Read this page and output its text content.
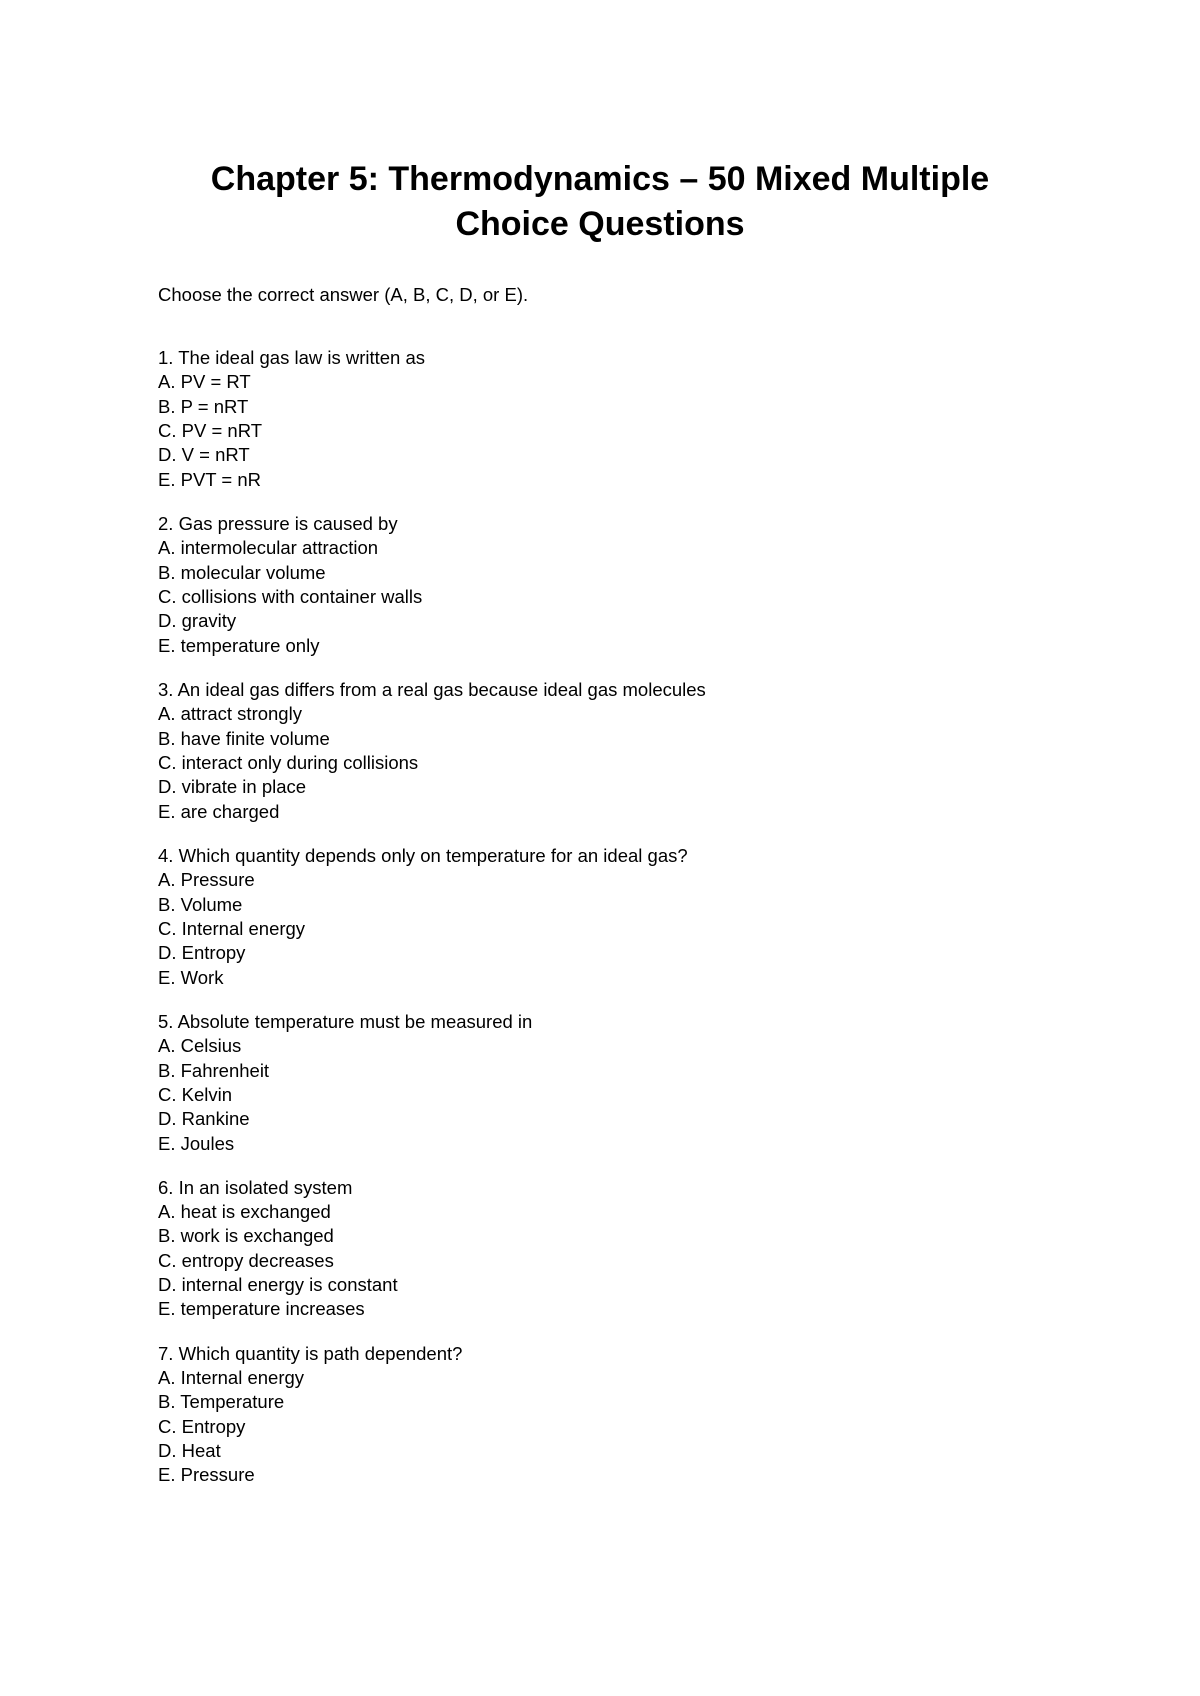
Chapter 5: Thermodynamics – 50 Mixed Multiple
Choice Questions

Choose the correct answer (A, B, C, D, or E).

1. The ideal gas law is written as
A. PV = RT
B. P = nRT
C. PV = nRT
D. V = nRT
E. PVT = nR
2. Gas pressure is caused by
A. intermolecular attraction
B. molecular volume
C. collisions with container walls
D. gravity
E. temperature only
3. An ideal gas differs from a real gas because ideal gas molecules
A. attract strongly
B. have finite volume
C. interact only during collisions
D. vibrate in place
E. are charged
4. Which quantity depends only on temperature for an ideal gas?
A. Pressure
B. Volume
C. Internal energy
D. Entropy
E. Work
5. Absolute temperature must be measured in
A. Celsius
B. Fahrenheit
C. Kelvin
D. Rankine
E. Joules
6. In an isolated system
A. heat is exchanged
B. work is exchanged
C. entropy decreases
D. internal energy is constant
E. temperature increases
7. Which quantity is path dependent?
A. Internal energy
B. Temperature
C. Entropy
D. Heat
E. Pressure
